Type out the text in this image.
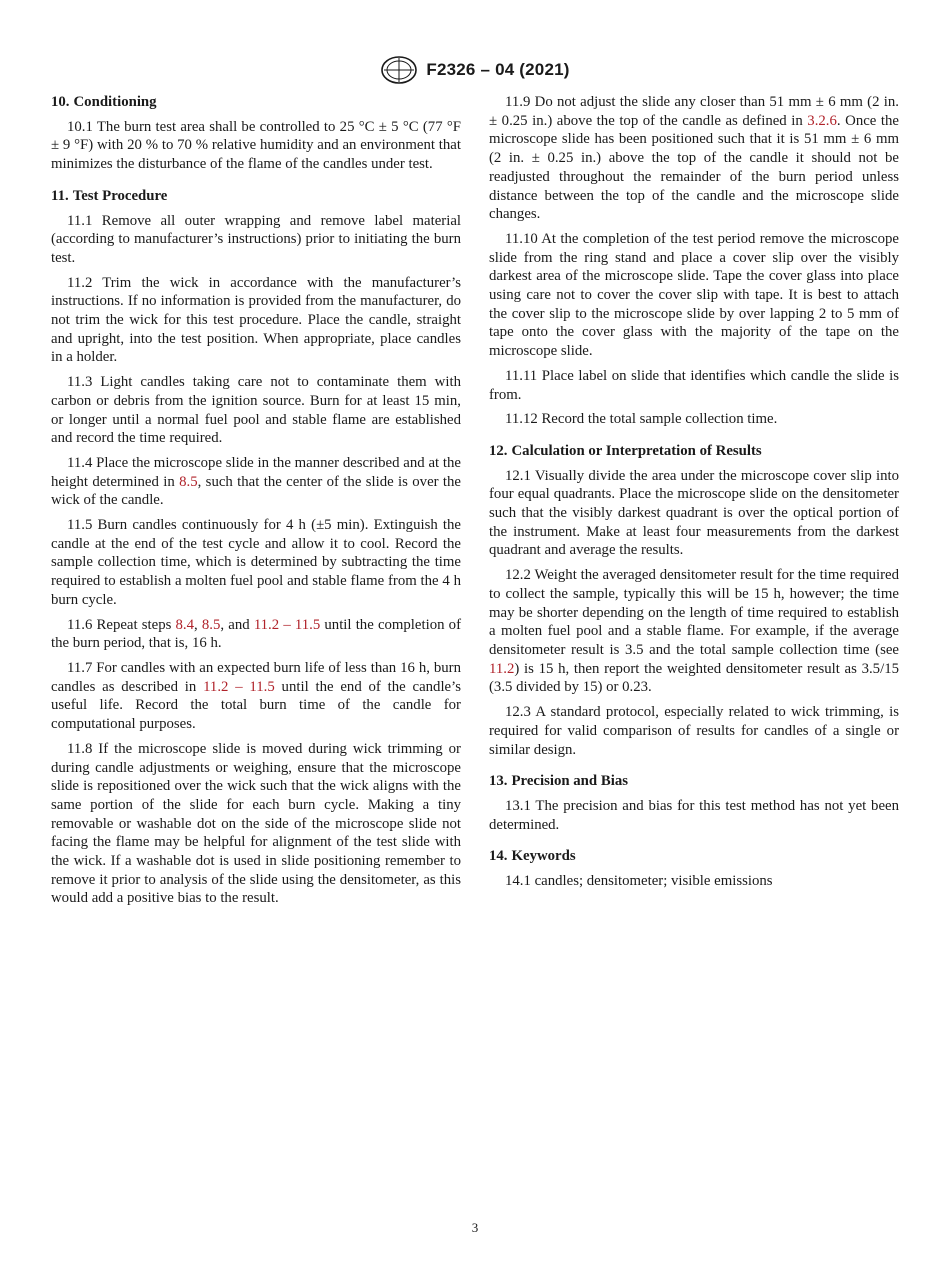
F2326 – 04 (2021)
10. Conditioning

10.1 The burn test area shall be controlled to 25 °C ± 5 °C (77 °F ± 9 °F) with 20 % to 70 % relative humidity and an environment that minimizes the disturbance of the flame of the candles under test.

11. Test Procedure

11.1 Remove all outer wrapping and remove label material (according to manufacturer’s instructions) prior to initiating the burn test.

11.2 Trim the wick in accordance with the manufacturer’s instructions. If no information is provided from the manufacturer, do not trim the wick for this test procedure. Place the candle, straight and upright, into the test position. When appropriate, place candles in a holder.

11.3 Light candles taking care not to contaminate them with carbon or debris from the ignition source. Burn for at least 15 min, or longer until a normal fuel pool and stable flame are established and record the time required.

11.4 Place the microscope slide in the manner described and at the height determined in 8.5, such that the center of the slide is over the wick of the candle.

11.5 Burn candles continuously for 4 h (±5 min). Extinguish the candle at the end of the test cycle and allow it to cool. Record the sample collection time, which is determined by subtracting the time required to establish a molten fuel pool and stable flame from the 4 h burn cycle.

11.6 Repeat steps 8.4, 8.5, and 11.2 – 11.5 until the completion of the burn period, that is, 16 h.

11.7 For candles with an expected burn life of less than 16 h, burn candles as described in 11.2 – 11.5 until the end of the candle’s useful life. Record the total burn time of the candle for computational purposes.

11.8 If the microscope slide is moved during wick trimming or during candle adjustments or weighing, ensure that the microscope slide is repositioned over the wick such that the wick aligns with the same portion of the slide for each burn cycle. Making a tiny removable or washable dot on the side of the microscope slide not facing the flame may be helpful for alignment of the test slide with the wick. If a washable dot is used in slide positioning remember to remove it prior to analysis of the slide using the densitometer, as this would add a positive bias to the result.

11.9 Do not adjust the slide any closer than 51 mm ± 6 mm (2 in. ± 0.25 in.) above the top of the candle as defined in 3.2.6. Once the microscope slide has been positioned such that it is 51 mm ± 6 mm (2 in. ± 0.25 in.) above the top of the candle it should not be readjusted throughout the remainder of the burn period unless distance between the top of the candle and the microscope slide changes.

11.10 At the completion of the test period remove the microscope slide from the ring stand and place a cover slip over the visibly darkest area of the microscope slide. Tape the cover glass into place using care not to cover the cover slip with tape. It is best to attach the cover slip to the microscope slide by over lapping 2 to 5 mm of tape onto the cover glass with the majority of the tape on the microscope slide.

11.11 Place label on slide that identifies which candle the slide is from.

11.12 Record the total sample collection time.

12. Calculation or Interpretation of Results

12.1 Visually divide the area under the microscope cover slip into four equal quadrants. Place the microscope slide on the densitometer such that the visibly darkest quadrant is over the optical portion of the instrument. Make at least four measurements from the darkest quadrant and average the results.

12.2 Weight the averaged densitometer result for the time required to collect the sample, typically this will be 15 h, however; the time may be shorter depending on the length of time required to establish a molten fuel pool and a stable flame. For example, if the average densitometer result is 3.5 and the total sample collection time (see 11.2) is 15 h, then report the weighted densitometer result as 3.5/15 (3.5 divided by 15) or 0.23.

12.3 A standard protocol, especially related to wick trimming, is required for valid comparison of results for candles of a single or similar design.

13. Precision and Bias

13.1 The precision and bias for this test method has not yet been determined.

14. Keywords

14.1 candles; densitometer; visible emissions

3
